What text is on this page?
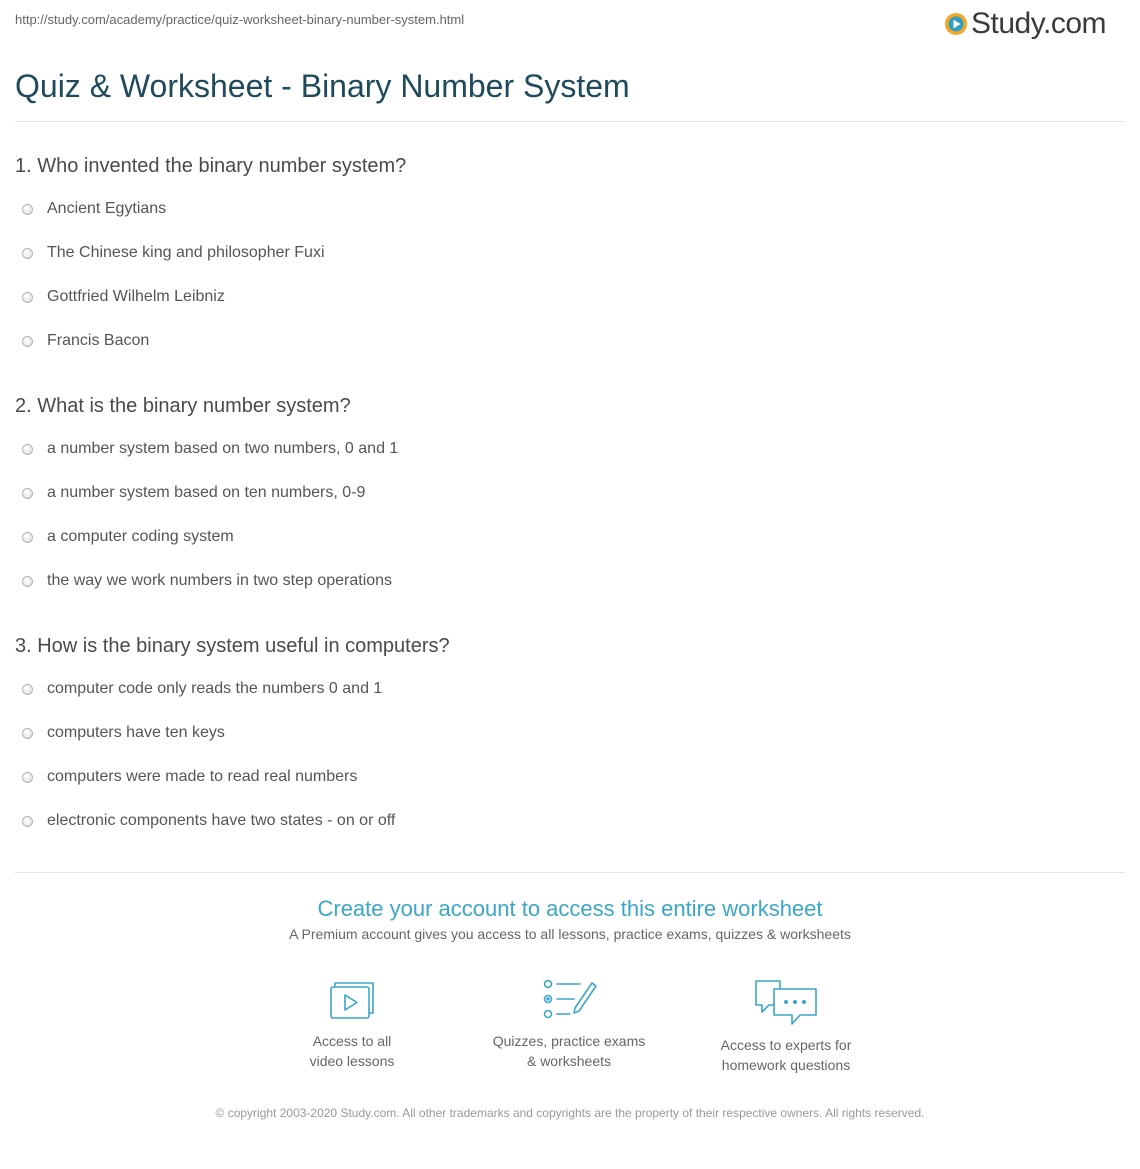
http://study.com/academy/practice/quiz-worksheet-binary-number-system.html	Study.com
Quiz & Worksheet - Binary Number System
1. Who invented the binary number system?
Ancient Egytians
The Chinese king and philosopher Fuxi
Gottfried Wilhelm Leibniz
Francis Bacon
2. What is the binary number system?
a number system based on two numbers, 0 and 1
a number system based on ten numbers, 0-9
a computer coding system
the way we work numbers in two step operations
3. How is the binary system useful in computers?
computer code only reads the numbers 0 and 1
computers have ten keys
computers were made to read real numbers
electronic components have two states - on or off
Create your account to access this entire worksheet
A Premium account gives you access to all lessons, practice exams, quizzes & worksheets
Access to all
video lessons
Quizzes, practice exams
& worksheets
Access to experts for
homework questions
© copyright 2003-2020 Study.com. All other trademarks and copyrights are the property of their respective owners. All rights reserved.
